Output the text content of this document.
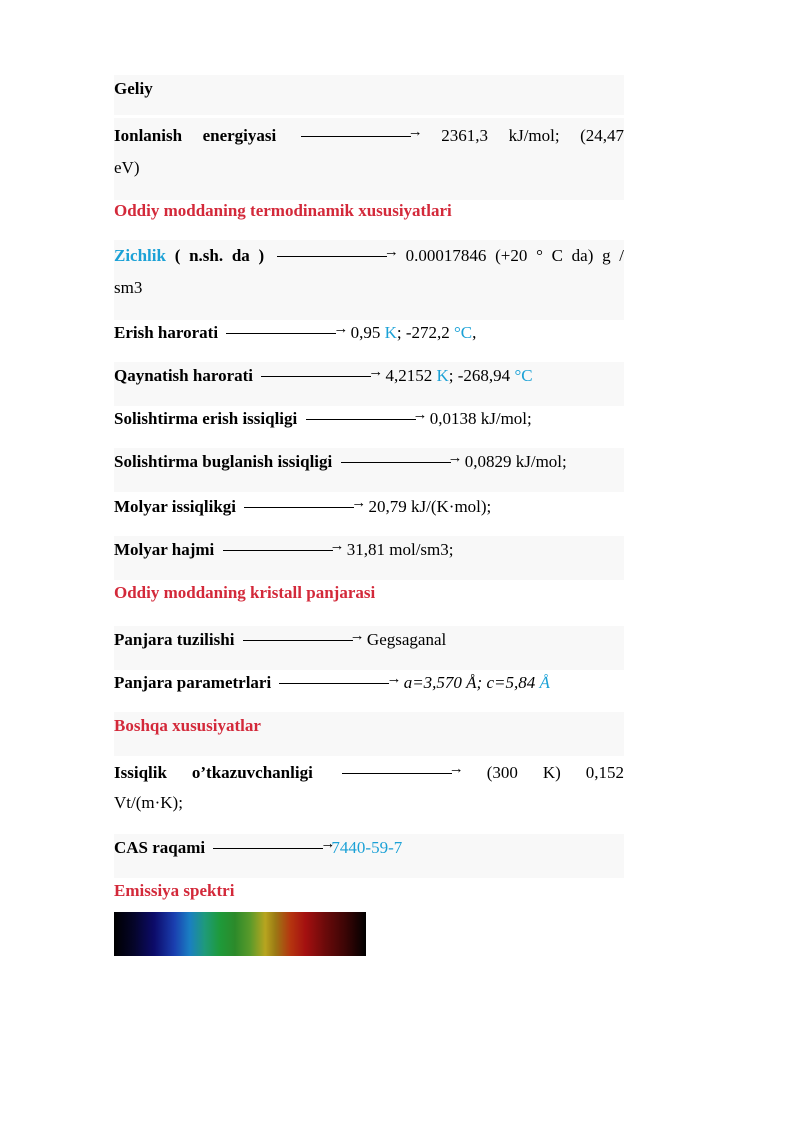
Geliy
Ionlanish energiyasi →	2361,3 kJ/mol; (24,47
eV)
Oddiy moddaning termodinamik xususiyatlari
Zichlik ( n.sh. da ) →	0.00017846 (+20 ° C da) g /
sm3
Erish harorati →	0,95 K; -272,2 °C,
Qaynatish harorati →	4,2152 K; -268,94 °C
Solishtirma erish issiqligi →	0,0138 kJ/mol;
Solishtirma buglanish issiqligi →	0,0829 kJ/mol;
Molyar issiqlikgi →	20,79 kJ/(K·mol);
Molyar hajmi →	31,81 mol/sm3;
Oddiy moddaning kristall panjarasi
Panjara tuzilishi →	Gegsaganal
Panjara parametrlari →	a=3,570 Å; c=5,84 Å
Boshqa xususiyatlar
Issiqlik o’tkazuvchanligi →	(300 K) 0,152
Vt/(m·K);
CAS raqami →	7440-59-7
Emissiya spektri
